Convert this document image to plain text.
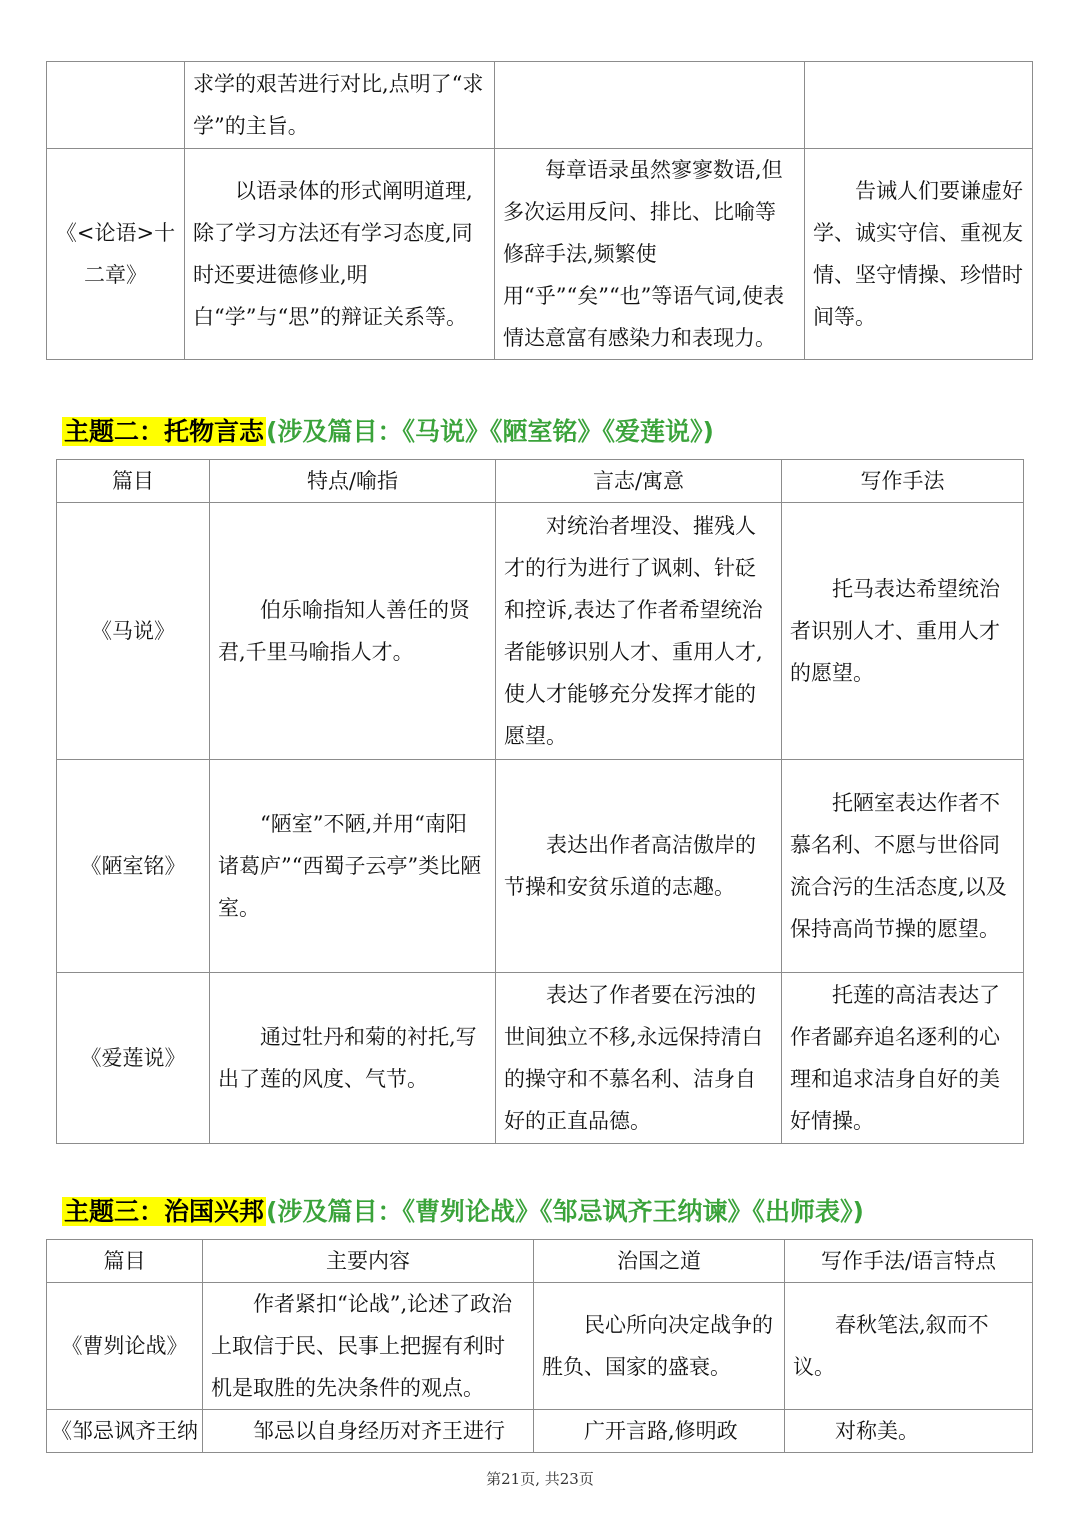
	求学的艰苦进行对比,点明了“求学”的主旨。		
《<论语>十二章》	以语录体的形式阐明道理,除了学习方法还有学习态度,同时还要进德修业,明白“学”与“思”的辩证关系等。	每章语录虽然寥寥数语,但多次运用反问、排比、比喻等修辞手法,频繁使用“乎”“矣”“也”等语气词,使表情达意富有感染力和表现力。	告诫人们要谦虚好学、诚实守信、重视友情、坚守情操、珍惜时间等。
主题二：托物言志(涉及篇目：《马说》《陋室铭》《爱莲说》)
篇目	特点/喻指	言志/寓意	写作手法
《马说》	伯乐喻指知人善任的贤君,千里马喻指人才。	对统治者埋没、摧残人才的行为进行了讽刺、针砭和控诉,表达了作者希望统治者能够识别人才、重用人才,使人才能够充分发挥才能的愿望。	托马表达希望统治者识别人才、重用人才的愿望。
《陋室铭》	“陋室”不陋,并用“南阳诸葛庐”“西蜀子云亭”类比陋室。	表达出作者高洁傲岸的节操和安贫乐道的志趣。	托陋室表达作者不慕名利、不愿与世俗同流合污的生活态度,以及保持高尚节操的愿望。
《爱莲说》	通过牡丹和菊的衬托,写出了莲的风度、气节。	表达了作者要在污浊的世间独立不移,永远保持清白的操守和不慕名利、洁身自好的正直品德。	托莲的高洁表达了作者鄙弃追名逐利的心理和追求洁身自好的美好情操。
主题三：治国兴邦(涉及篇目：《曹刿论战》《邹忌讽齐王纳谏》《出师表》)
篇目	主要内容	治国之道	写作手法/语言特点
《曹刿论战》	作者紧扣“论战”,论述了政治上取信于民、民事上把握有利时机是取胜的先决条件的观点。	民心所向决定战争的胜负、国家的盛衰。	春秋笔法,叙而不议。
《邹忌讽齐王纳	邹忌以自身经历对齐王进行	广开言路,修明政	对称美。
第21页, 共23页
